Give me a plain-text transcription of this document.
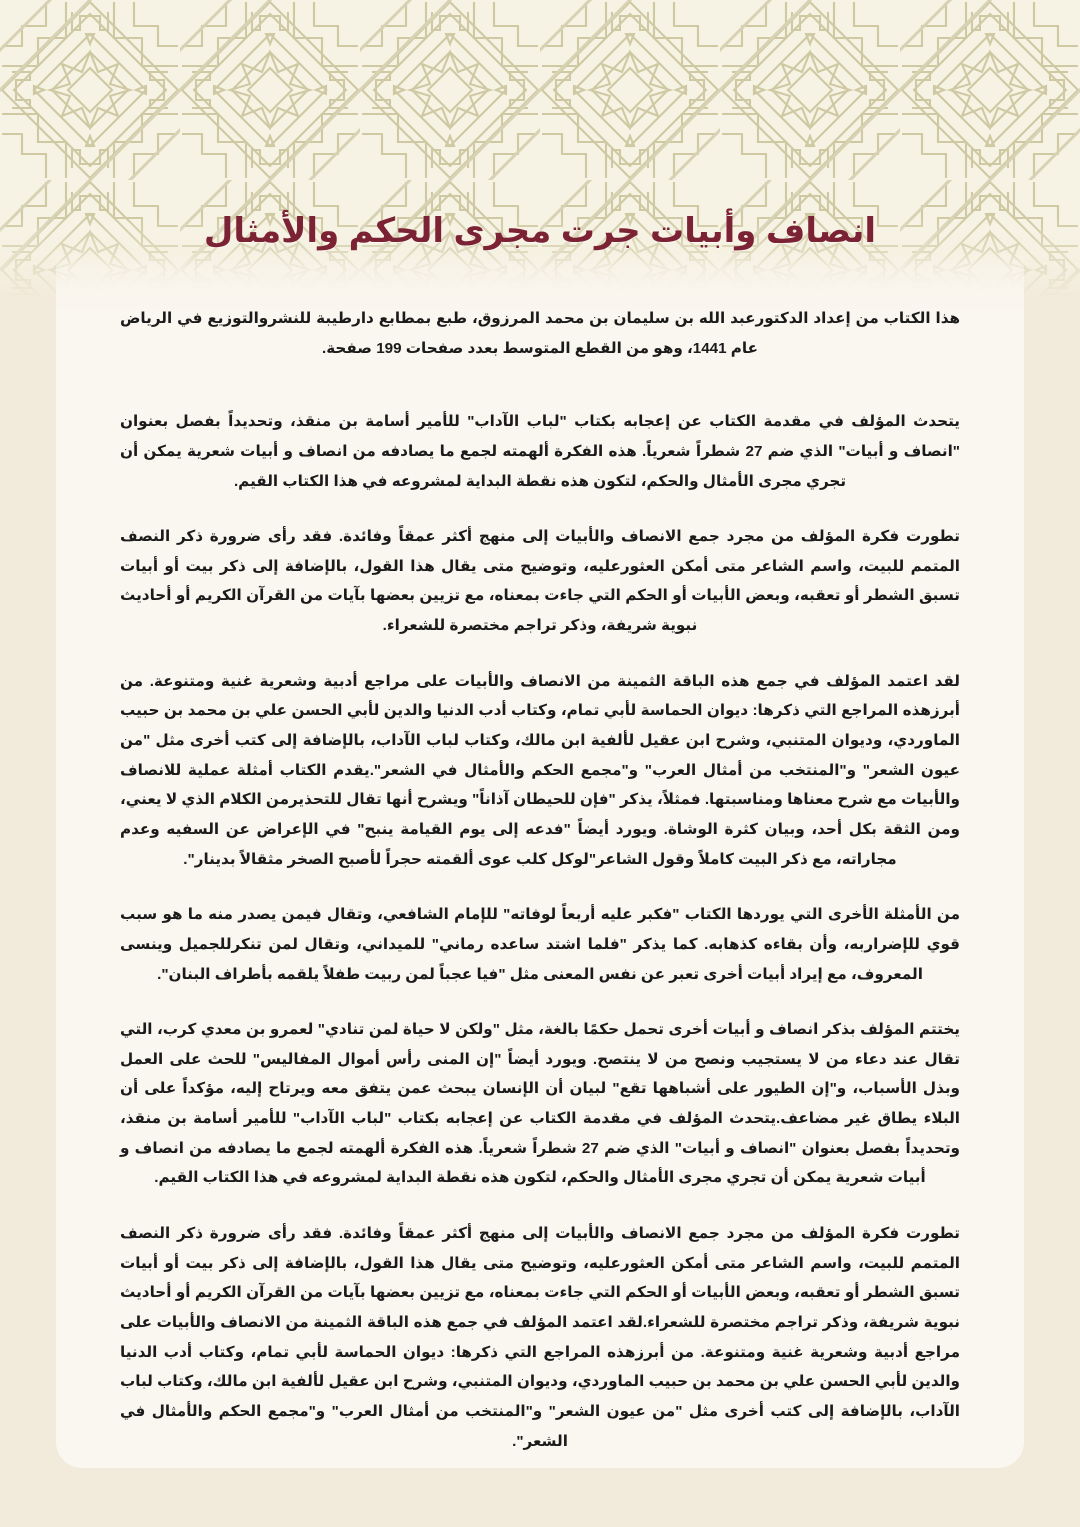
انصاف وأبيات جرت مجرى الحكم والأمثال

هذا الكتاب من إعداد الدكتورعبد الله بن سليمان بن محمد المرزوق، طبع بمطابع دارطيبة للنشروالتوزيع في الرياض عام 1441، وهو من القطع المتوسط بعدد صفحات 199 صفحة.

يتحدث المؤلف في مقدمة الكتاب عن إعجابه بكتاب "لباب الآداب" للأمير أسامة بن منقذ، وتحديداً بفصل بعنوان "انصاف و أبيات" الذي ضم 27 شطراً شعرياً. هذه الفكرة ألهمته لجمع ما يصادفه من انصاف و أبيات شعرية يمكن أن تجري مجرى الأمثال والحكم، لتكون هذه نقطة البداية لمشروعه في هذا الكتاب القيم.

تطورت فكرة المؤلف من مجرد جمع الانصاف والأبيات إلى منهج أكثر عمقاً وفائدة. فقد رأى ضرورة ذكر النصف المتمم للبيت، واسم الشاعر متى أمكن العثورعليه، وتوضيح متى يقال هذا القول، بالإضافة إلى ذكر بيت أو أبيات تسبق الشطر أو تعقبه، وبعض الأبيات أو الحكم التي جاءت بمعناه، مع تزيين بعضها بآيات من القرآن الكريم أو أحاديث نبوية شريفة، وذكر تراجم مختصرة للشعراء.

لقد اعتمد المؤلف في جمع هذه الباقة الثمينة من الانصاف والأبيات على مراجع أدبية وشعرية غنية ومتنوعة. من أبرزهذه المراجع التي ذكرها: ديوان الحماسة لأبي تمام، وكتاب أدب الدنيا والدين لأبي الحسن علي بن محمد بن حبيب الماوردي، وديوان المتنبي، وشرح ابن عقيل لألفية ابن مالك، وكتاب لباب الآداب، بالإضافة إلى كتب أخرى مثل "من عيون الشعر" و"المنتخب من أمثال العرب" و"مجمع الحكم والأمثال في الشعر".يقدم الكتاب أمثلة عملية للانصاف والأبيات مع شرح معناها ومناسبتها. فمثلاً، يذكر "فإن للحيطان آذاناً" ويشرح أنها تقال للتحذيرمن الكلام الذي لا يعني، ومن الثقة بكل أحد، وبيان كثرة الوشاة. ويورد أيضاً "فدعه إلى يوم القيامة ينبح" في الإعراض عن السفيه وعدم مجاراته، مع ذكر البيت كاملاً وقول الشاعر"لوكل كلب عوى ألقمته حجراً لأصبح الصخر مثقالاً بدينار".

من الأمثلة الأخرى التي يوردها الكتاب "فكبر عليه أربعاً لوفاته" للإمام الشافعي، وتقال فيمن يصدر منه ما هو سبب قوي للإضراربه، وأن بقاءه كذهابه. كما يذكر "فلما اشتد ساعده رماني" للميداني، وتقال لمن تنكرللجميل وينسى المعروف، مع إيراد أبيات أخرى تعبر عن نفس المعنى مثل "فيا عجباً لمن ربيت طفلاً يلقمه بأطراف البنان".

يختتم المؤلف بذكر انصاف و أبيات أخرى تحمل حكمًا بالغة، مثل "ولكن لا حياة لمن تنادي" لعمرو بن معدي كرب، التي تقال عند دعاء من لا يستجيب ونصح من لا ينتصح. ويورد أيضاً "إن المنى رأس أموال المفاليس" للحث على العمل وبذل الأسباب، و"إن الطيور على أشباهها تقع" لبيان أن الإنسان يبحث عمن يتفق معه ويرتاح إليه، مؤكداً على أن البلاء يطاق غير مضاعف.يتحدث المؤلف في مقدمة الكتاب عن إعجابه بكتاب "لباب الآداب" للأمير أسامة بن منقذ، وتحديداً بفصل بعنوان "انصاف و أبيات" الذي ضم 27 شطراً شعرياً. هذه الفكرة ألهمته لجمع ما يصادفه من انصاف و أبيات شعرية يمكن أن تجري مجرى الأمثال والحكم، لتكون هذه نقطة البداية لمشروعه في هذا الكتاب القيم.

تطورت فكرة المؤلف من مجرد جمع الانصاف والأبيات إلى منهج أكثر عمقاً وفائدة. فقد رأى ضرورة ذكر النصف المتمم للبيت، واسم الشاعر متى أمكن العثورعليه، وتوضيح متى يقال هذا القول، بالإضافة إلى ذكر بيت أو أبيات تسبق الشطر أو تعقبه، وبعض الأبيات أو الحكم التي جاءت بمعناه، مع تزيين بعضها بآيات من القرآن الكريم أو أحاديث نبوية شريفة، وذكر تراجم مختصرة للشعراء.لقد اعتمد المؤلف في جمع هذه الباقة الثمينة من الانصاف والأبيات على مراجع أدبية وشعرية غنية ومتنوعة. من أبرزهذه المراجع التي ذكرها: ديوان الحماسة لأبي تمام، وكتاب أدب الدنيا والدين لأبي الحسن علي بن محمد بن حبيب الماوردي، وديوان المتنبي، وشرح ابن عقيل لألفية ابن مالك، وكتاب لباب الآداب، بالإضافة إلى كتب أخرى مثل "من عيون الشعر" و"المنتخب من أمثال العرب" و"مجمع الحكم والأمثال في الشعر".
